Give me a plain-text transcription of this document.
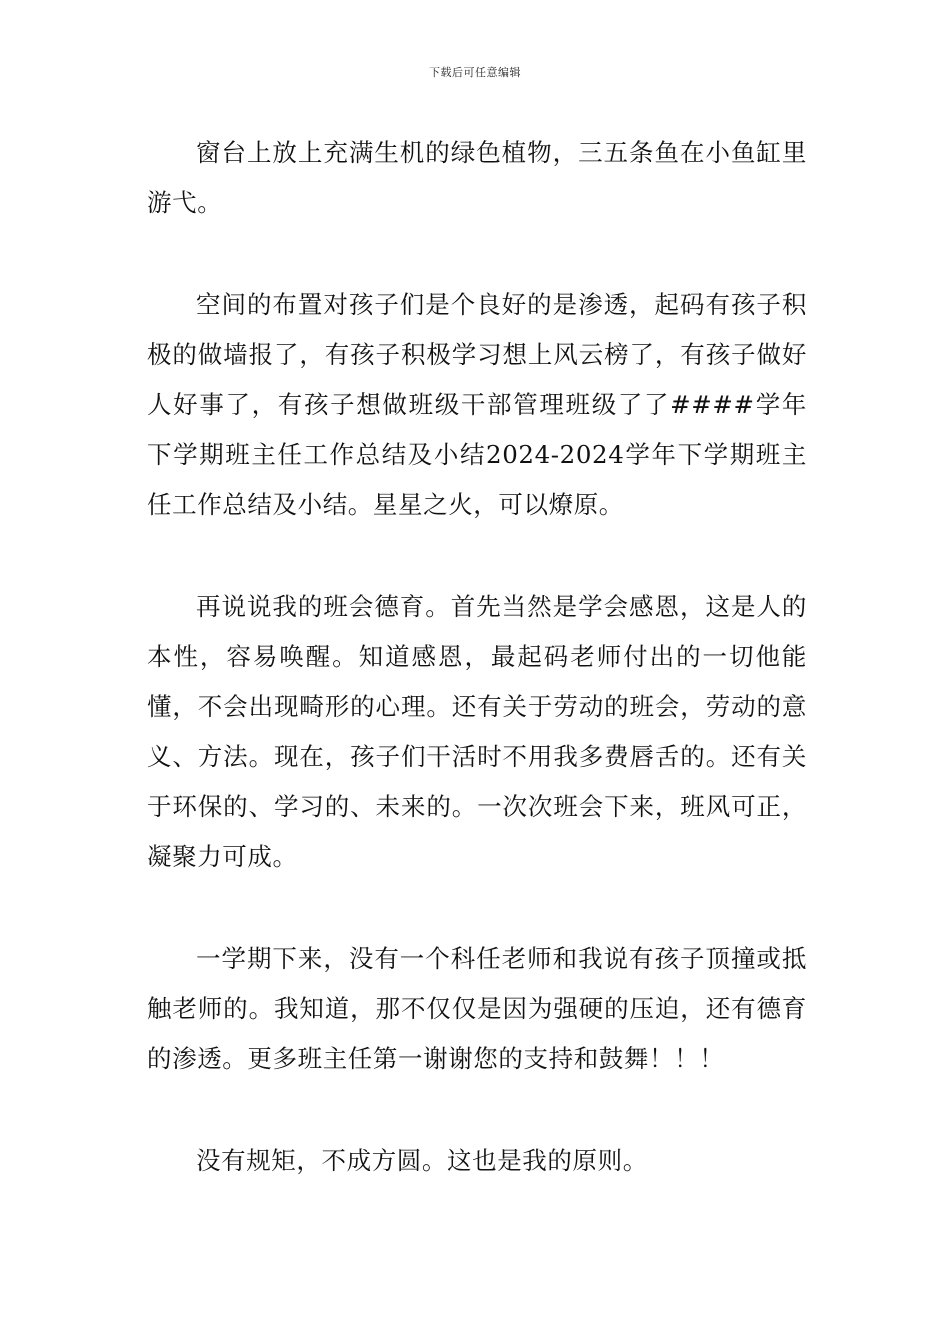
下载后可任意编辑

窗台上放上充满生机的绿色植物，三五条鱼在小鱼缸里游弋。

空间的布置对孩子们是个良好的是渗透，起码有孩子积极的做墙报了，有孩子积极学习想上风云榜了，有孩子做好人好事了，有孩子想做班级干部管理班级了了####学年下学期班主任工作总结及小结2024-2024学年下学期班主任工作总结及小结。星星之火，可以燎原。

再说说我的班会德育。首先当然是学会感恩，这是人的本性，容易唤醒。知道感恩，最起码老师付出的一切他能懂，不会出现畸形的心理。还有关于劳动的班会，劳动的意义、方法。现在，孩子们干活时不用我多费唇舌的。还有关于环保的、学习的、未来的。一次次班会下来，班风可正，凝聚力可成。

一学期下来，没有一个科任老师和我说有孩子顶撞或抵触老师的。我知道，那不仅仅是因为强硬的压迫，还有德育的渗透。更多班主任第一谢谢您的支持和鼓舞！！！

没有规矩，不成方圆。这也是我的原则。
